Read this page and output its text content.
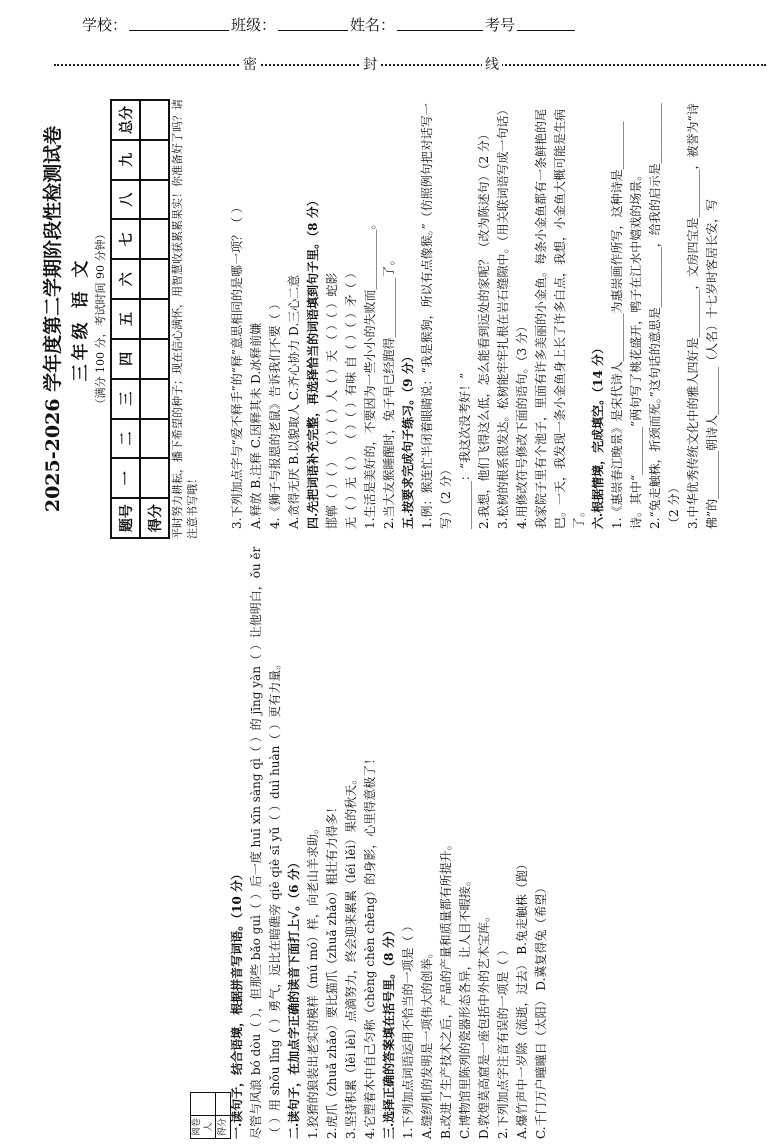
学校：	班级：	姓名：	考号
密	封	线
2025-2026 学年度第二学期阶段性检测试卷 三年级 语 文 （满分 100 分，考试时间 90 分钟）
题号	一	二	三	四	五	六	七	八	九	总分
得分										平时努力耕耘，播下希望的种子；现在信心满怀，用智慧收获累累果实！你准备好了吗？请注意书写哦！

阅卷人	
得分	一.读句子，结合语境，根据拼音写词语。（10 分） 尽管与风浪 bó dòu（ ），但那些 bǎo guì（ ）后一度 huī xīn sàng qì（ ）的 jīng yàn（ ）让他明白，ǒu ěr（ ）用 shǒu lǐng（ ）勇气，远比在暗礁旁 qiè qiè sī yǔ（ ）duì huàn（ ）更有力量。 二.读句子，在加点字正确的读音下面打上√。（6 分） 1.狡猾的狼装出老实的模样（mú mó）样，向老山羊求助。 2.虎爪（zhuǎ zhǎo）要比猫爪（zhuǎ zhǎo）粗壮有力得多！ 3.坚持积累（lěi lèi）点滴努力，终会迎来累累（léi lěi）果的秋天。 4.它塑着木中自己匀称（chèng chèn chēng）的身影，心里得意极了！ 三.选择正确的答案填在括号里。（8 分） 1.下列加点词语运用不恰当的一项是（ ） A.缝纫机的发明是一项伟大的创举。 B.改进了生产技术之后，产品的产量和质量都有所提升。 C.博物馆里陈列的瓷器形态各异，让人目不暇接。 D.敦煌莫高窟是一座包括中外的艺术宝库。 2.下列加点字注音有误的一项是（ ） A.爆竹声中一岁除（流逝，过去） B.兔走触株（跑） C.千门万户曈曈日（太阳） D.冀复得兔（希望）

3.下列加点字与“爱不释手”的“释”意思相同的是哪一项？（ ） A.释放 B.注释 C.因释其未 D.冰释前嫌 4.《狮子与报恩的老鼠》告诉我们不要（ ） A.贪得无厌 B.以貌取人 C.齐心协力 D.三心二意 四.先把词语补充完整，再选择恰当的词语填到句子里。（8 分） 邯郸（ ）（ ） （ ）（ ）人（ ）天 （ ）（ ）蛇影 无（ ）无（ ） （ ）（ ）有味 自（ ）（ ）矛（ ） 1.生活是美好的，不要因为一些小小的失败而__________。 2.当大友猴睡醒时，兔子早已经跑得__________了。 五.按要求完成句子练习。（9 分） 1.例：猴连忙半闭着眼睛说：“我是猴狗，所以有点像猴。”（仿照例句把对话写一写）（2 分） ________：“我这次没考好！” 2.我想，他们飞得这么低，怎么能看到远处的家呢？（改为陈述句）（2 分） 3.松树的根系很发达。松树能牢牢扎根在岩石缝隙中。（用关联词语写成一句话） 4.用修改符号修改下面的语句。（3 分） 我家院子里有个池子，里面有许多美丽的小金鱼。每条小金鱼都有一条鲜艳的尾巴。一天，我发现一条小金鱼身上长了许多白点，我想，小金鱼大概可能是生病了。 六.根据情境，完成填空。（14 分） 1.《惠崇春江晚景》是宋代诗人________为惠崇画作所写，这种诗是________诗。其中“________”两句写了桃花盛开，鸭子在江水中嬉戏的场景。 2.“兔走触株，折颈而死。”这句话的意思是__________，给我的启示是__________（2 分） 3.中华优秀传统文化中的雅人四好是________，文房四宝是________，被誉为“诗佛”的________朝诗人________（人名）十七岁时客居长安，写
